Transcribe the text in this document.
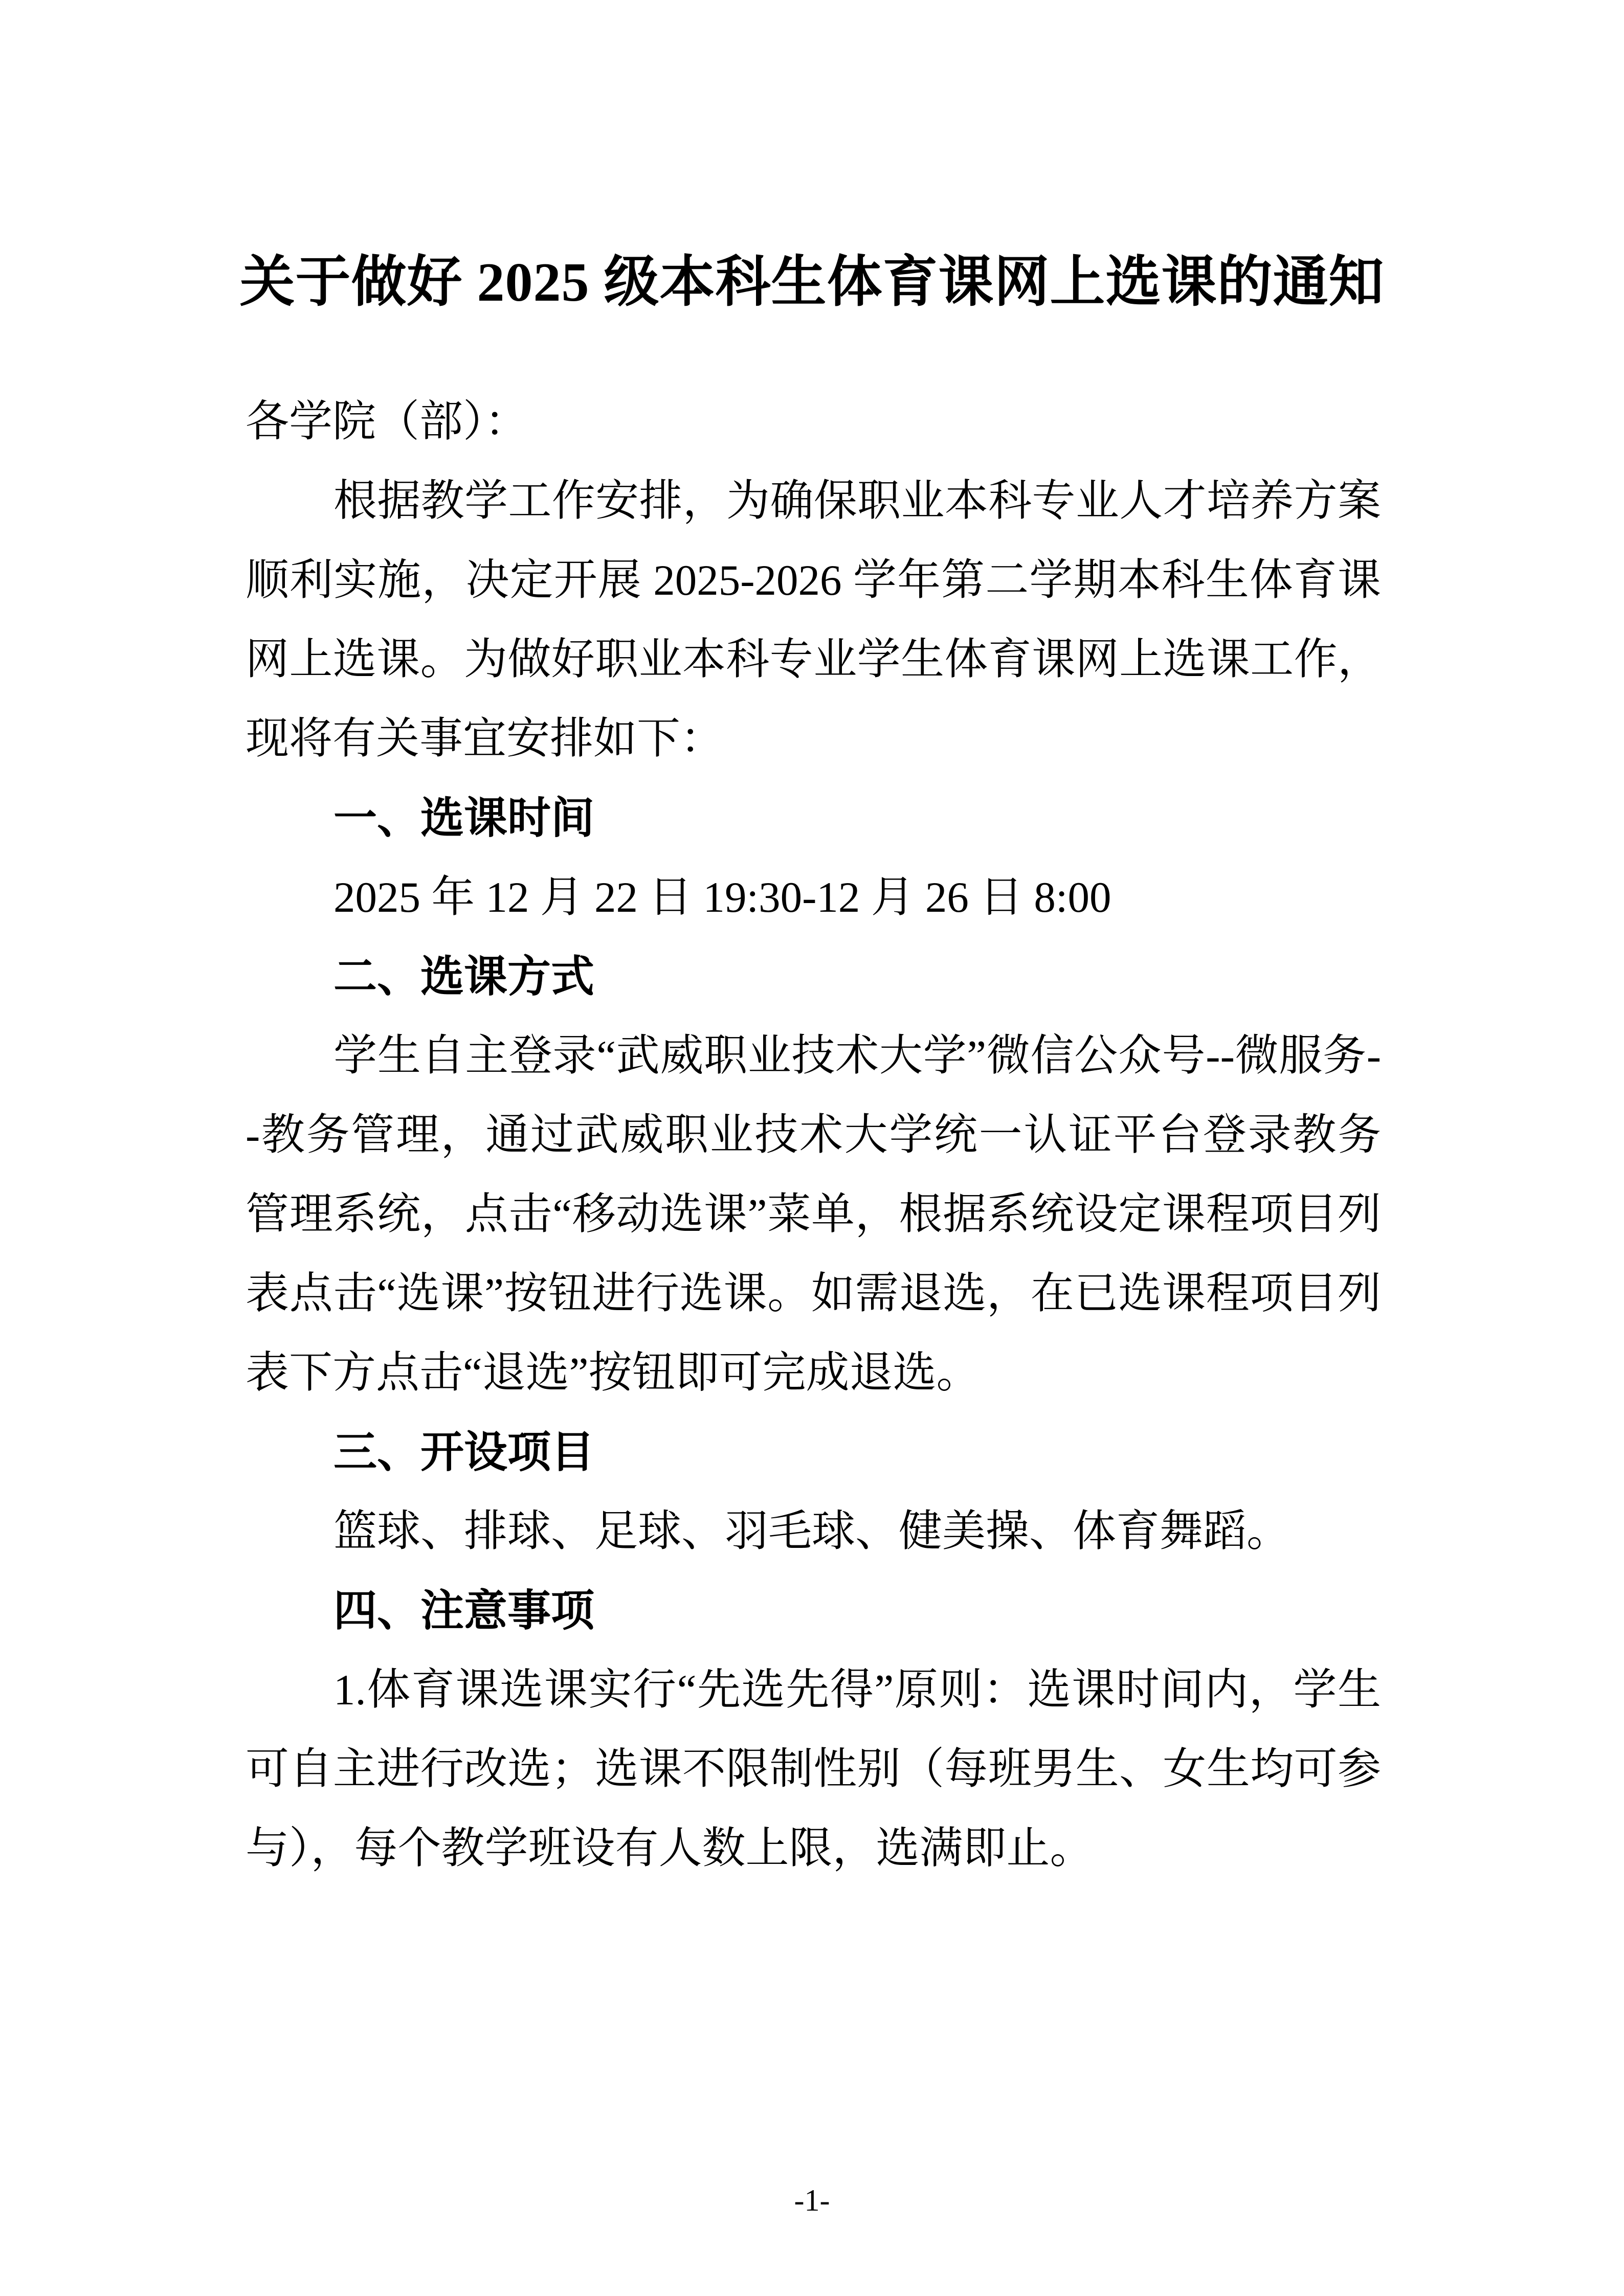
关于做好 2025 级本科生体育课网上选课的通知

各学院（部）：

根据教学工作安排，为确保职业本科专业人才培养方案顺利实施，决定开展 2025-2026 学年第二学期本科生体育课网上选课。为做好职业本科专业学生体育课网上选课工作，现将有关事宜安排如下：

一、选课时间

2025 年 12 月 22 日 19:30-12 月 26 日 8:00

二、选课方式

学生自主登录“武威职业技术大学”微信公众号--微服务--教务管理，通过武威职业技术大学统一认证平台登录教务管理系统，点击“移动选课”菜单，根据系统设定课程项目列表点击“选课”按钮进行选课。如需退选，在已选课程项目列表下方点击“退选”按钮即可完成退选。

三、开设项目

篮球、排球、足球、羽毛球、健美操、体育舞蹈。

四、注意事项

1.体育课选课实行“先选先得”原则：选课时间内，学生可自主进行改选；选课不限制性别（每班男生、女生均可参与），每个教学班设有人数上限，选满即止。

-1-
